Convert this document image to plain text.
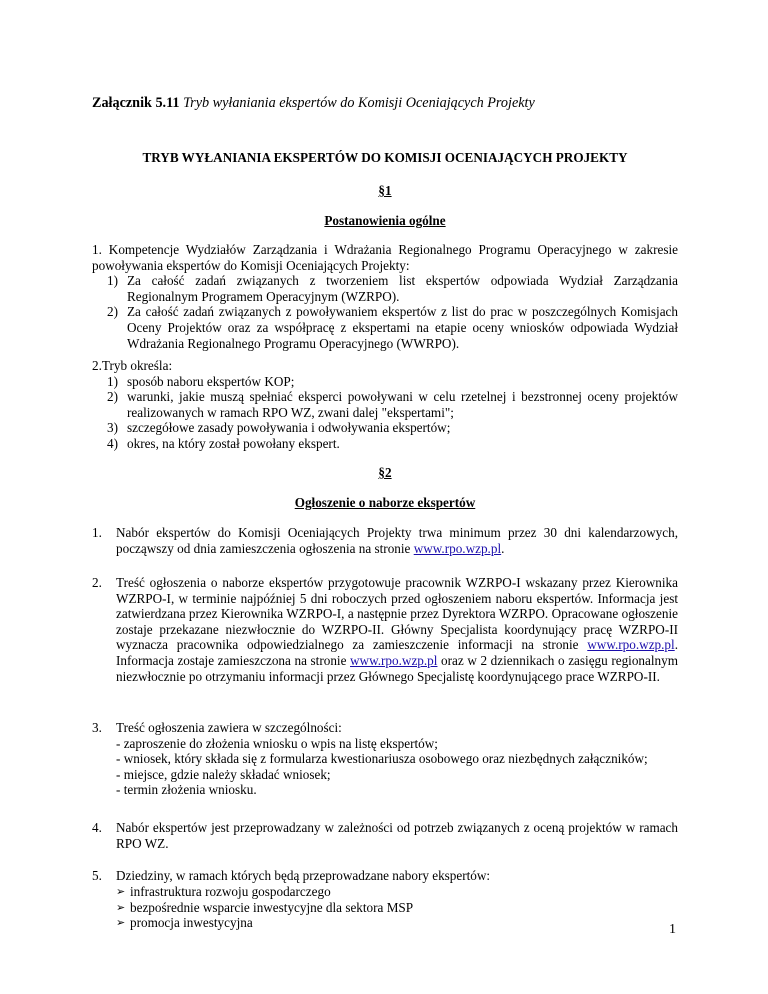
Załącznik 5.11 Tryb wyłaniania ekspertów do Komisji Oceniających Projekty
TRYB WYŁANIANIA EKSPERTÓW DO KOMISJI OCENIAJĄCYCH PROJEKTY
§1
Postanowienia ogólne

1. Kompetencje Wydziałów Zarządzania i Wdrażania Regionalnego Programu Operacyjnego w zakresie powoływania ekspertów do Komisji Oceniających Projekty:

1) Za całość zadań związanych z tworzeniem list ekspertów odpowiada Wydział Zarządzania Regionalnym Programem Operacyjnym (WZRPO).
2) Za całość zadań związanych z powoływaniem ekspertów z list do prac w poszczególnych Komisjach Oceny Projektów oraz za współpracę z ekspertami na etapie oceny wniosków odpowiada Wydział Wdrażania Regionalnego Programu Operacyjnego (WWRPO).

2.Tryb określa:

1) sposób naboru ekspertów KOP;
2) warunki, jakie muszą spełniać eksperci powoływani w celu rzetelnej i bezstronnej oceny projektów realizowanych w ramach RPO WZ, zwani dalej "ekspertami";
3) szczegółowe zasady powoływania i odwoływania ekspertów;
4) okres, na który został powołany ekspert.
§2
Ogłoszenie o naborze ekspertów
1.	Nabór ekspertów do Komisji Oceniających Projekty trwa minimum przez 30 dni kalendarzowych, począwszy od dnia zamieszczenia ogłoszenia na stronie www.rpo.wzp.pl.
2.	Treść ogłoszenia o naborze ekspertów przygotowuje pracownik WZRPO-I wskazany przez Kierownika WZRPO-I, w terminie najpóźniej 5 dni roboczych przed ogłoszeniem naboru ekspertów. Informacja jest zatwierdzana przez Kierownika WZRPO-I, a następnie przez Dyrektora WZRPO. Opracowane ogłoszenie zostaje przekazane niezwłocznie do WZRPO-II. Główny Specjalista koordynujący pracę WZRPO-II wyznacza pracownika odpowiedzialnego za zamieszczenie informacji na stronie www.rpo.wzp.pl. Informacja zostaje zamieszczona na stronie www.rpo.wzp.pl oraz w 2 dziennikach o zasięgu regionalnym niezwłocznie po otrzymaniu informacji przez Głównego Specjalistę koordynującego prace WZRPO-II.
3.	Treść ogłoszenia zawiera w szczególności:
- zaproszenie do złożenia wniosku o wpis na listę ekspertów;
- wniosek, który składa się z formularza kwestionariusza osobowego oraz niezbędnych załączników;
- miejsce, gdzie należy składać wniosek;
- termin złożenia wniosku.
4.	Nabór ekspertów jest przeprowadzany w zależności od potrzeb związanych z oceną projektów w ramach RPO WZ.
5.	Dziedziny, w ramach których będą przeprowadzane nabory ekspertów:
➢ infrastruktura rozwoju gospodarczego
➢ bezpośrednie wsparcie inwestycyjne dla sektora MSP
➢ promocja inwestycyjna	1
